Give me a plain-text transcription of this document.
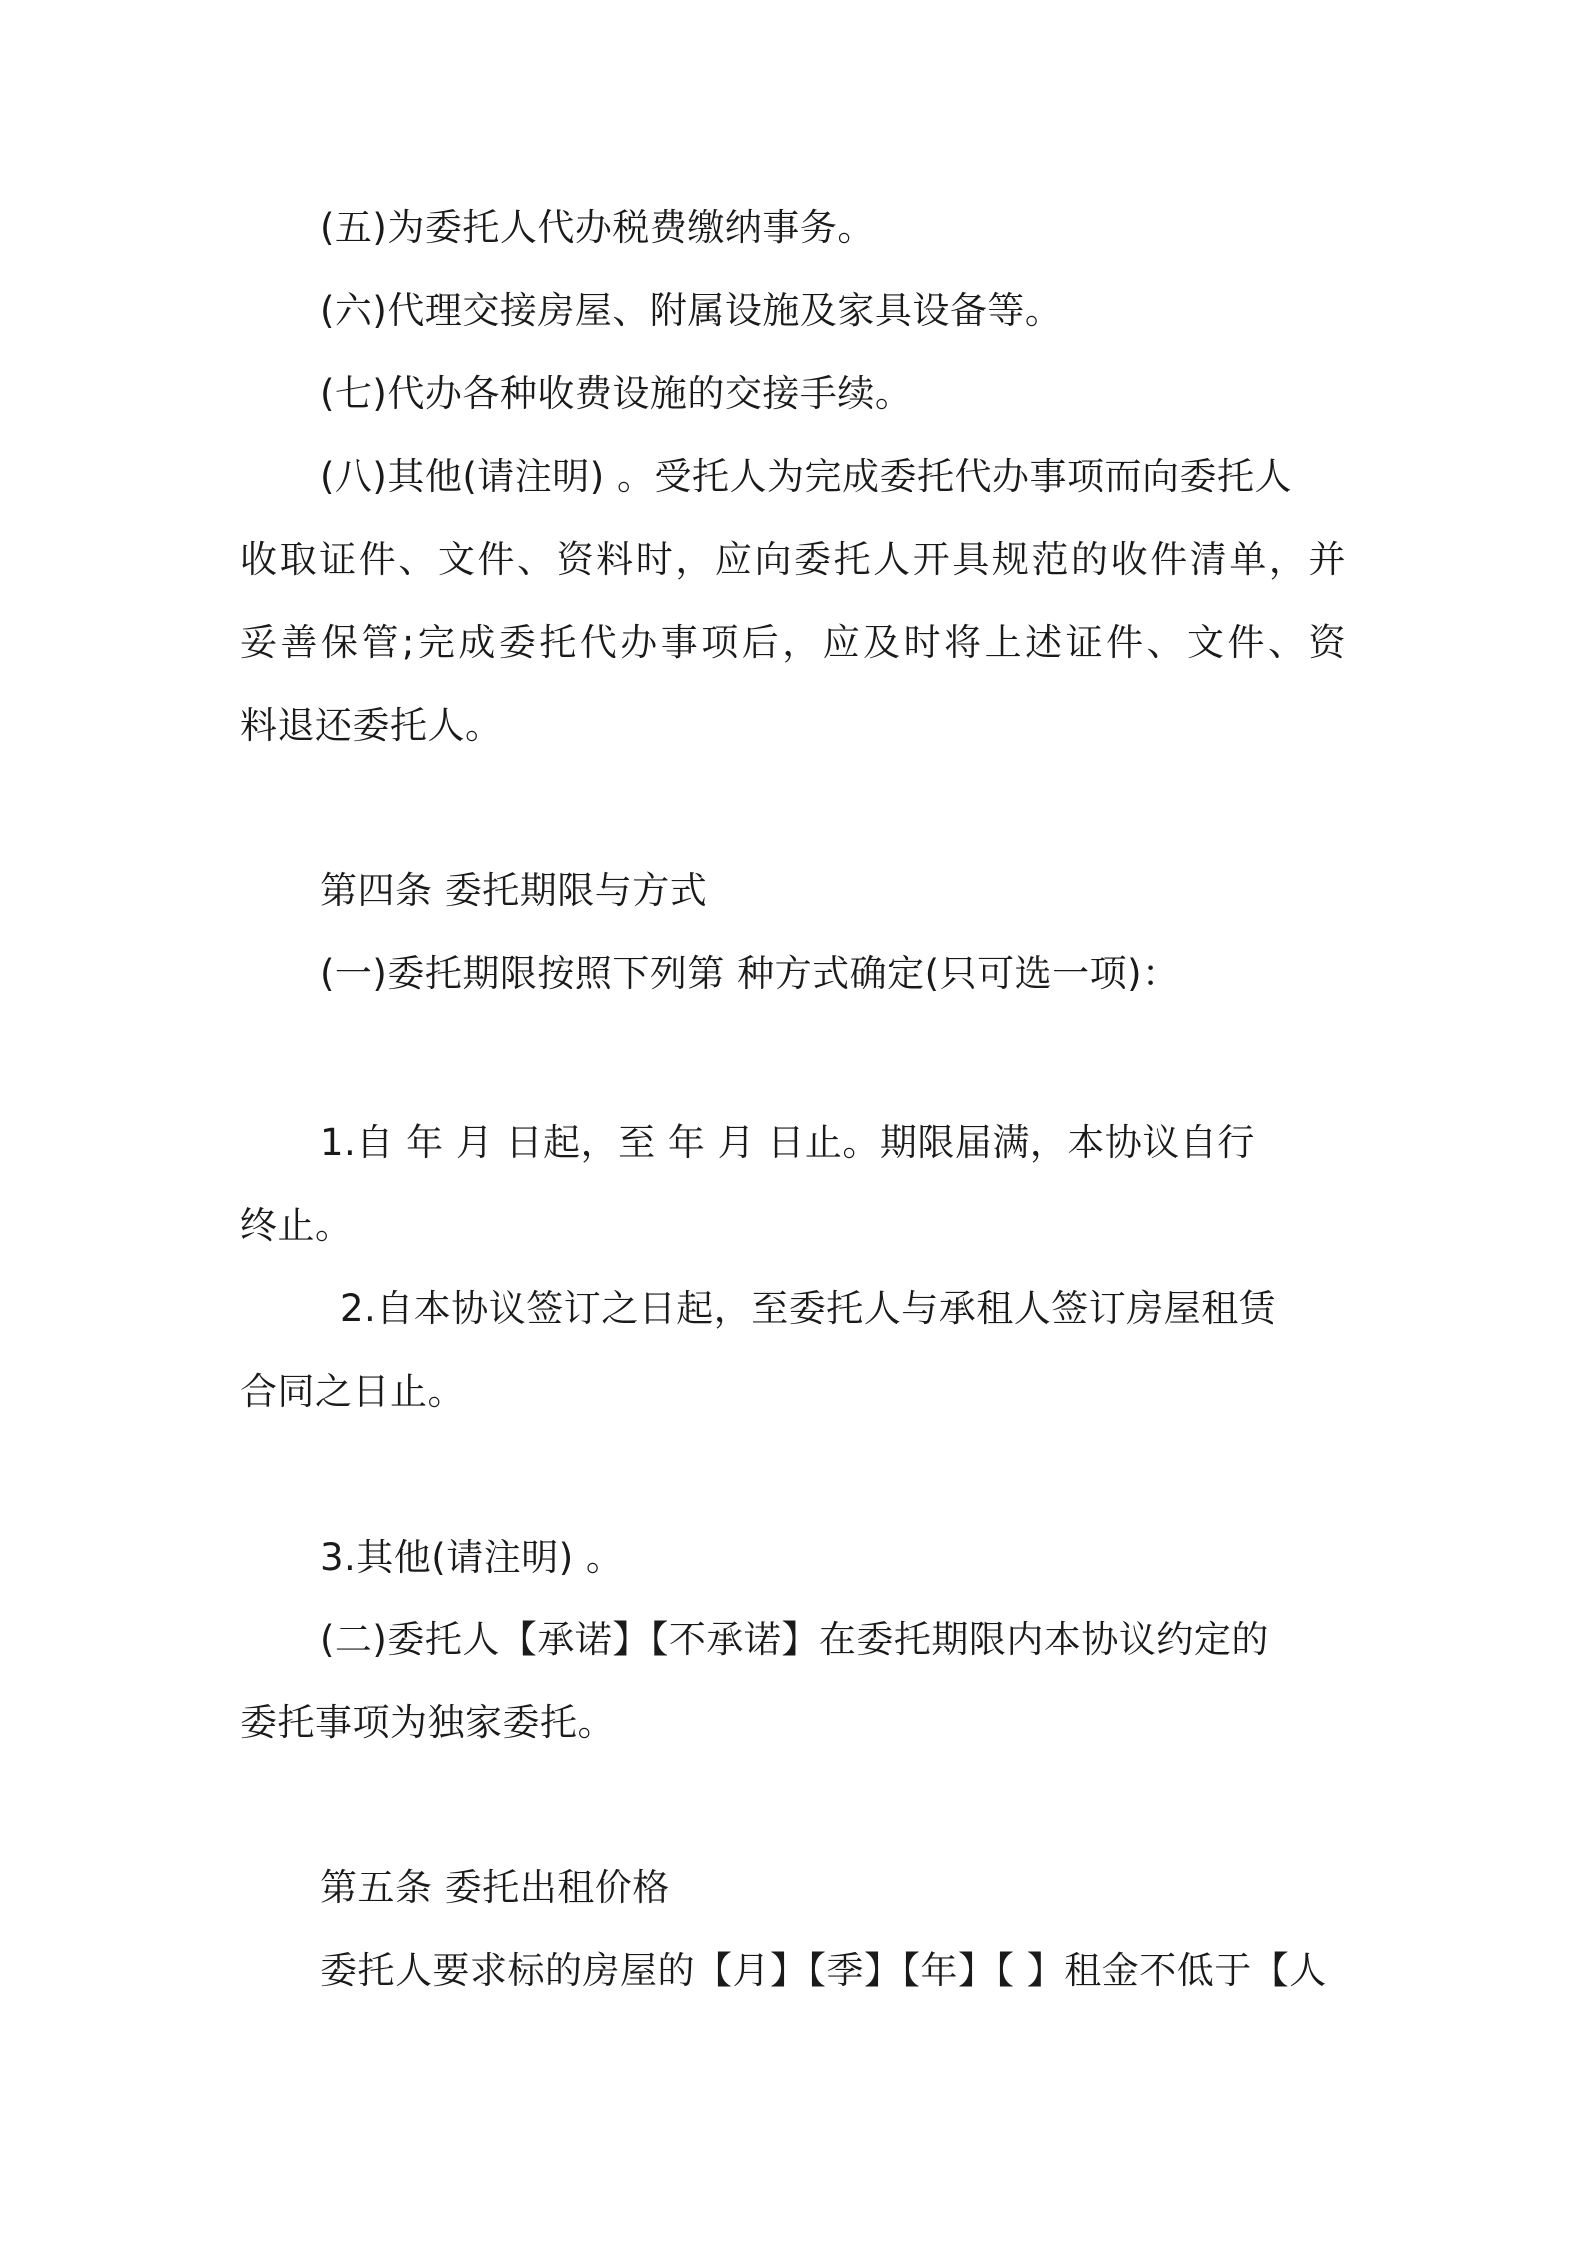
(五)为委托人代办税费缴纳事务。
(六)代理交接房屋、附属设施及家具设备等。
(七)代办各种收费设施的交接手续。
(八)其他(请注明) 。受托人为完成委托代办事项而向委托人
收取证件、文件、资料时，应向委托人开具规范的收件清单，并
妥善保管;完成委托代办事项后，应及时将上述证件、文件、资
料退还委托人。
第四条 委托期限与方式
(一)委托期限按照下列第 种方式确定(只可选一项)：
1.自 年 月 日起，至 年 月 日止。期限届满，本协议自行
终止。
2.自本协议签订之日起，至委托人与承租人签订房屋租赁
合同之日止。
3.其他(请注明) 。
(二)委托人【承诺】【不承诺】在委托期限内本协议约定的
委托事项为独家委托。
第五条 委托出租价格
委托人要求标的房屋的【月】【季】【年】【 】租金不低于【人
